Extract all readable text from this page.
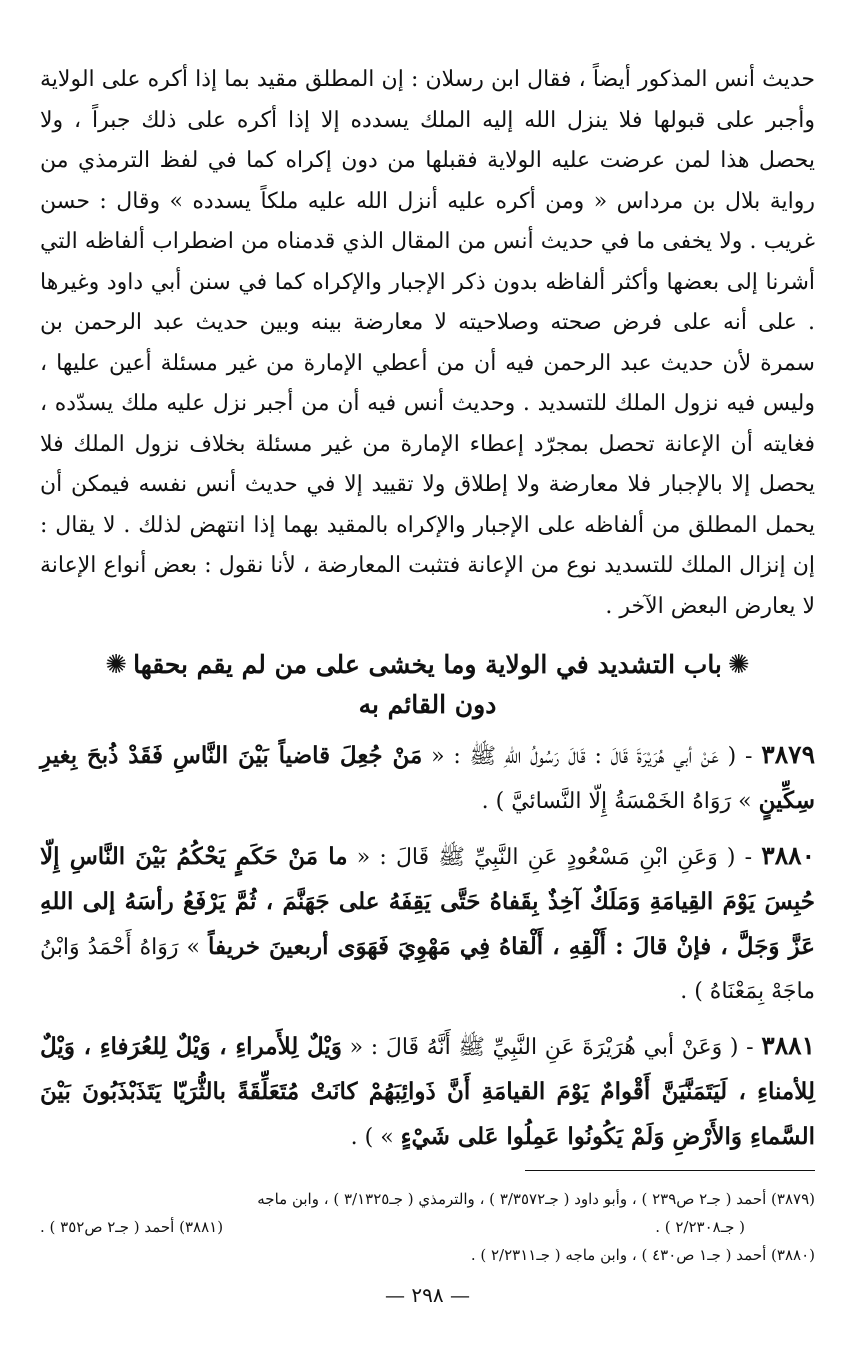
حديث أنس المذكور أيضاً ، فقال ابن رسلان : إن المطلق مقيد بما إذا أكره على الولاية وأجبر على قبولها فلا ينزل الله إليه الملك يسدده إلا إذا أكره على ذلك جبراً ، ولا يحصل هذا لمن عرضت عليه الولاية فقبلها من دون إكراه كما في لفظ الترمذي من رواية بلال بن مرداس « ومن أكره عليه أنزل الله عليه ملكاً يسدده » وقال : حسن غريب . ولا يخفى ما في حديث أنس من المقال الذي قدمناه من اضطراب ألفاظه التي أشرنا إلى بعضها وأكثر ألفاظه بدون ذكر الإجبار والإكراه كما في سنن أبي داود وغيرها . على أنه على فرض صحته وصلاحيته لا معارضة بينه وبين حديث عبد الرحمن بن سمرة لأن حديث عبد الرحمن فيه أن من أعطي الإمارة من غير مسئلة أعين عليها ، وليس فيه نزول الملك للتسديد . وحديث أنس فيه أن من أجبر نزل عليه ملك يسدّده ، فغايته أن الإعانة تحصل بمجرّد إعطاء الإمارة من غير مسئلة بخلاف نزول الملك فلا يحصل إلا بالإجبار فلا معارضة ولا إطلاق ولا تقييد إلا في حديث أنس نفسه فيمكن أن يحمل المطلق من ألفاظه على الإجبار والإكراه بالمقيد بهما إذا انتهض لذلك . لا يقال : إن إنزال الملك للتسديد نوع من الإعانة فتثبت المعارضة ، لأنا نقول : بعض أنواع الإعانة لا يعارض البعض الآخر .

✺باب التشديد في الولاية وما يخشى على من لم يقم بحقها✺
دون القائم به

٣٨٧٩ - ( عَنْ أبي هُرَيْرَةَ قَالَ : قَالَ رَسُولُ اللهِ ﷺ : « مَنْ جُعِلَ قاضياً بَيْنَ النَّاسِ فَقَدْ ذُبحَ بِغيرِ سِكِّينٍ » رَوَاهُ الخَمْسَةُ إِلّا النَّسائيَّ ) .

٣٨٨٠ - ( وَعَنِ ابْنِ مَسْعُودٍ عَنِ النَّبِيِّ ﷺ قَالَ : « ما مَنْ حَكَمٍ يَحْكُمُ بَيْنَ النَّاسِ إِلّا حُبِسَ يَوْمَ القِيامَةِ وَمَلَكٌ آخِذٌ بِقَفاهُ حَتَّى يَقِفَهُ على جَهَنَّمَ ، ثُمَّ يَرْفَعُ رأسَهُ إلى اللهِ عَزَّ وَجَلَّ ، فإنْ قالَ : أَلْقِهِ ، أَلْقاهُ فِي مَهْوِيَ فَهَوَى أربعينَ خريفاً » رَوَاهُ أَحْمَدُ وَابْنُ ماجَهْ بِمَعْنَاهُ ) .

٣٨٨١ - ( وَعَنْ أبي هُرَيْرَةَ عَنِ النَّبِيِّ ﷺ أَنَّهُ قَالَ : « وَيْلٌ لِلأَمراءِ ، وَيْلٌ لِلعُرَفاءِ ، وَيْلٌ لِلأمناءِ ، لَيَتَمَنَّيَنَّ أَقْوامٌ يَوْمَ القيامَةِ أَنَّ ذَوائِبَهُمْ كانَتْ مُتَعَلِّقَةً بالثُّرَيّا يَتَذَبْذَبُونَ بَيْنَ السَّماءِ وَالأَرْضِ وَلَمْ يَكُونُوا عَمِلُوا عَلى شَيْءٍ » ) .

(٣٨٧٩) أحمد ( جـ٢ ص٢٣٩ ) ، وأبو داود ( جـ٣/٣٥٧٢ ) ، والترمذي ( جـ٣/١٣٢٥ ) ، وابن ماجه

( جـ٢/٢٣٠٨ ) .
(٣٨٨١) أحمد ( جـ٢ ص٣٥٢ ) .

(٣٨٨٠) أحمد ( جـ١ ص٤٣٠ ) ، وابن ماجه ( جـ٢/٢٣١١ ) .

— ٢٩٨ —
